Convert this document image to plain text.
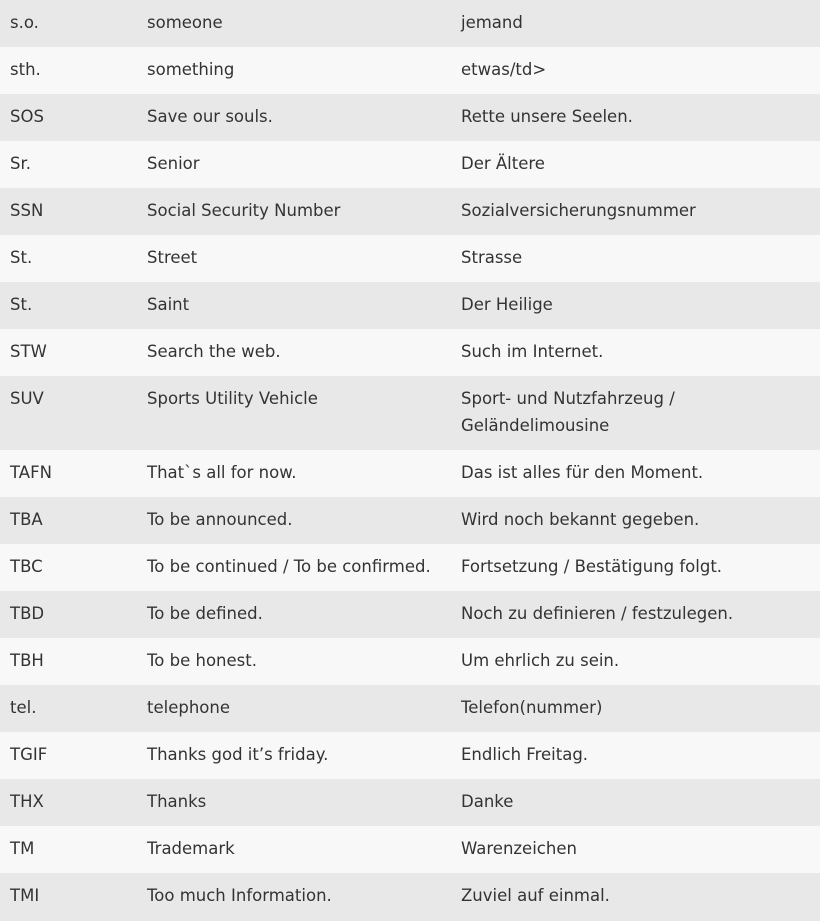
s.o.	someone	jemand
sth.	something	etwas/td>
SOS	Save our souls.	Rette unsere Seelen.
Sr.	Senior	Der Ältere
SSN	Social Security Number	Sozialversicherungsnummer
St.	Street	Strasse
St.	Saint	Der Heilige
STW	Search the web.	Such im Internet.
SUV	Sports Utility Vehicle	Sport- und Nutzfahrzeug / Geländelimousine
TAFN	That`s all for now.	Das ist alles für den Moment.
TBA	To be announced.	Wird noch bekannt gegeben.
TBC	To be continued / To be confirmed.	Fortsetzung / Bestätigung folgt.
TBD	To be defined.	Noch zu definieren / festzulegen.
TBH	To be honest.	Um ehrlich zu sein.
tel.	telephone	Telefon(nummer)
TGIF	Thanks god it’s friday.	Endlich Freitag.
THX	Thanks	Danke
TM	Trademark	Warenzeichen
TMI	Too much Information.	Zuviel auf einmal.
